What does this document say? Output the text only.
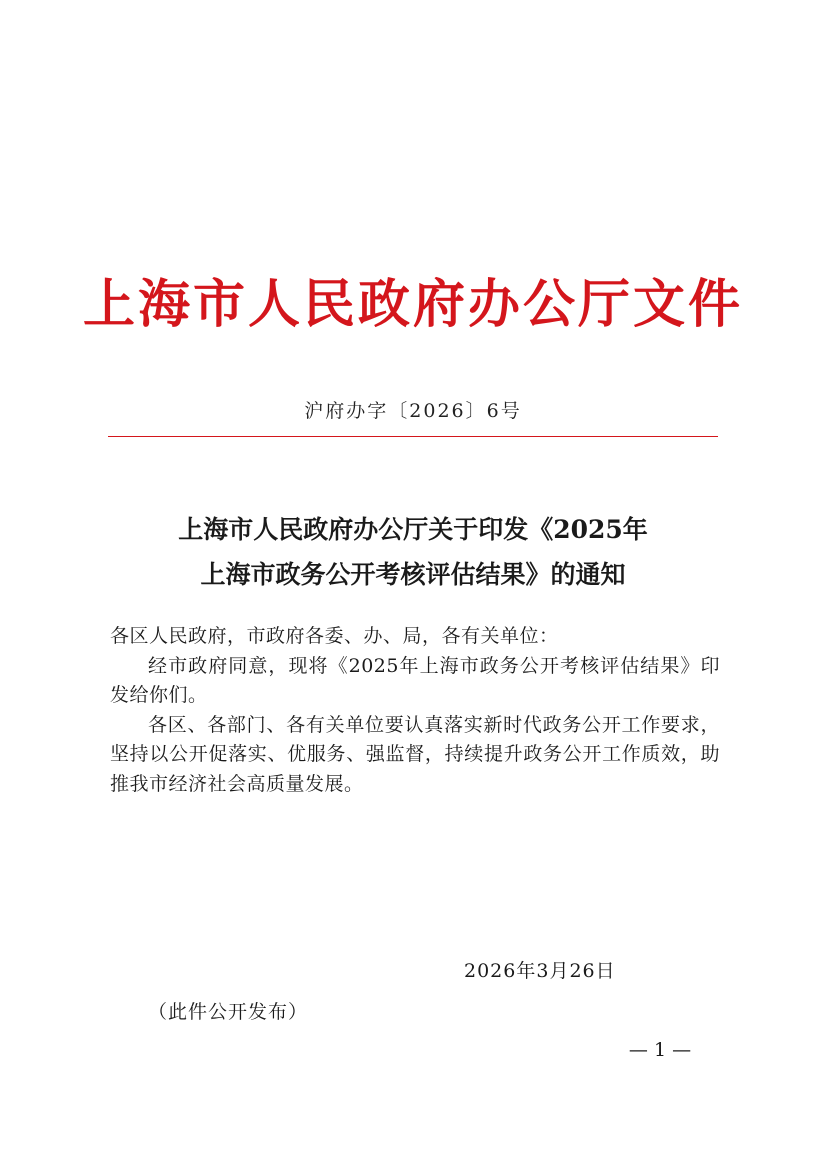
上海市人民政府办公厅文件
沪府办字〔2026〕6号
上海市人民政府办公厅关于印发《2025年
上海市政务公开考核评估结果》的通知

各区人民政府，市政府各委、办、局，各有关单位：

经市政府同意，现将《2025年上海市政务公开考核评估结果》印发给你们。

各区、各部门、各有关单位要认真落实新时代政务公开工作要求，坚持以公开促落实、优服务、强监督，持续提升政务公开工作质效，助推我市经济社会高质量发展。

2026年3月26日
（此件公开发布）
— 1 —
